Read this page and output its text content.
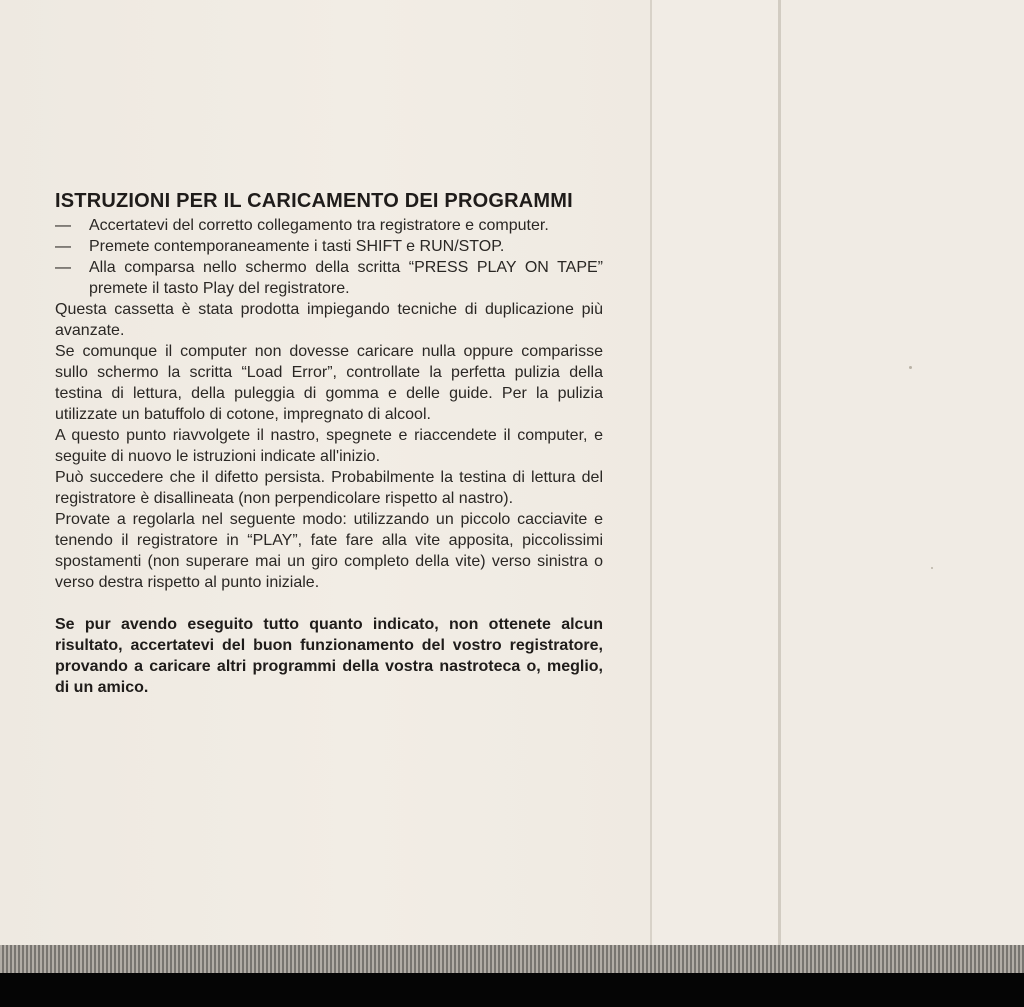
ISTRUZIONI PER IL CARICAMENTO DEI PROGRAMMI
— Accertatevi del corretto collegamento tra registratore e computer.
— Premete contemporaneamente i tasti SHIFT e RUN/STOP.
— Alla comparsa nello schermo della scritta “PRESS PLAY ON TAPE” premete il tasto Play del registratore.

Questa cassetta è stata prodotta impiegando tecniche di duplicazione più avanzate.

Se comunque il computer non dovesse caricare nulla oppure comparisse sullo schermo la scritta “Load Error”, controllate la perfetta pulizia della testina di lettura, della puleggia di gomma e delle guide. Per la pulizia utilizzate un batuffolo di cotone, impregnato di alcool.

A questo punto riavvolgete il nastro, spegnete e riaccendete il computer, e seguite di nuovo le istruzioni indicate all'inizio.

Può succedere che il difetto persista. Probabilmente la testina di lettura del registratore è disallineata (non perpendicolare rispetto al nastro).

Provate a regolarla nel seguente modo: utilizzando un piccolo cacciavite e tenendo il registratore in “PLAY”, fate fare alla vite apposita, piccolissimi spostamenti (non superare mai un giro completo della vite) verso sinistra o verso destra rispetto al punto iniziale.

Se pur avendo eseguito tutto quanto indicato, non ottenete alcun risultato, accertatevi del buon funzionamento del vostro registratore, provando a caricare altri programmi della vostra nastroteca o, meglio, di un amico.
